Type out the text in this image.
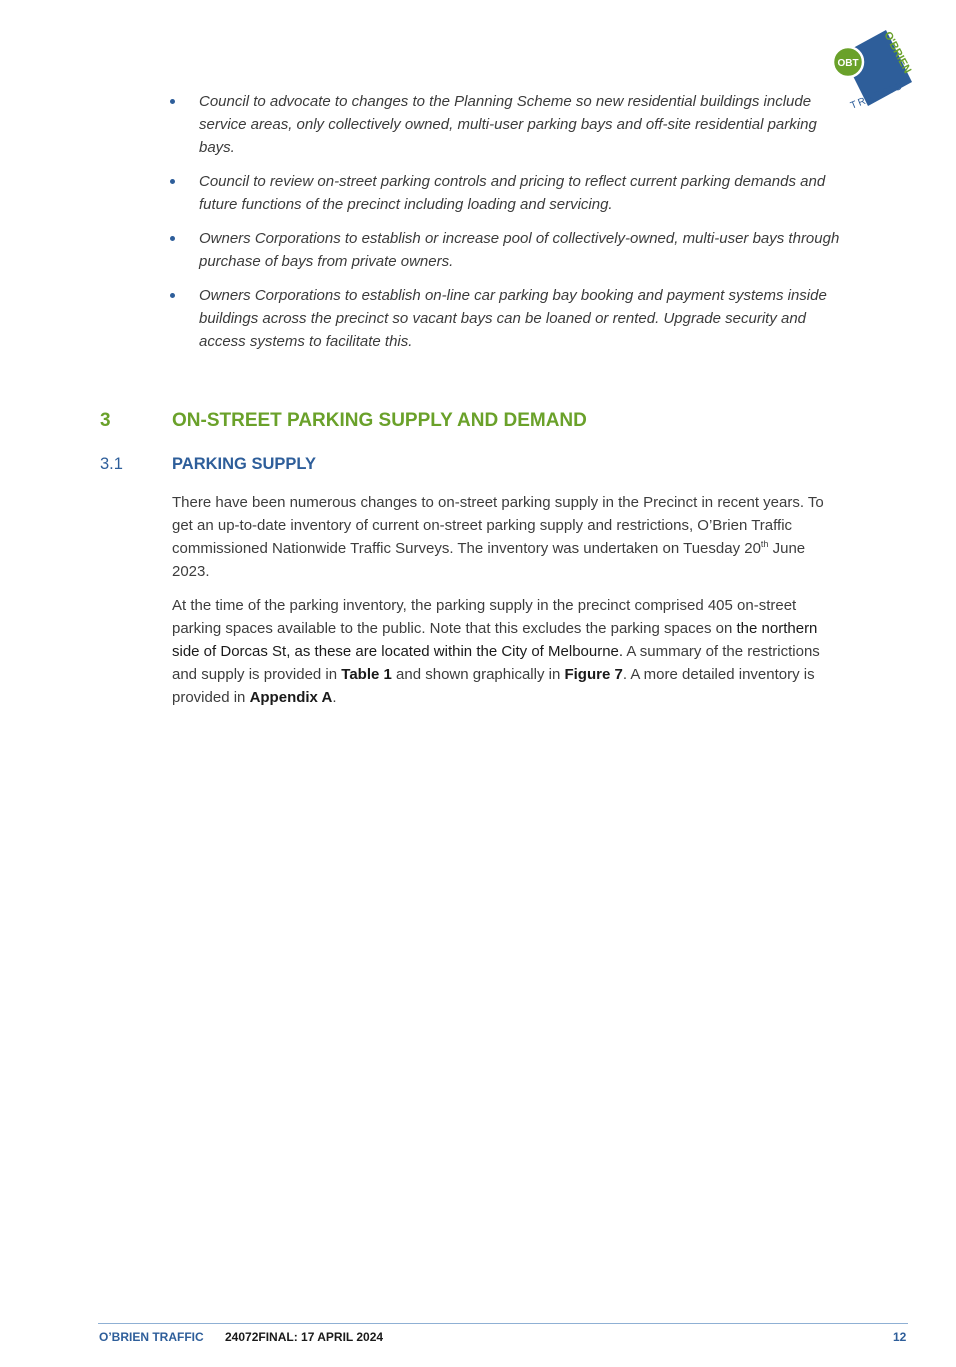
OBT O'BRIEN
TRAFFIC
Council to advocate to changes to the Planning Scheme so new residential buildings include service areas, only collectively owned, multi-user parking bays and off-site residential parking bays.
Council to review on-street parking controls and pricing to reflect current parking demands and future functions of the precinct including loading and servicing.
Owners Corporations to establish or increase pool of collectively-owned, multi-user bays through purchase of bays from private owners.
Owners Corporations to establish on-line car parking bay booking and payment systems inside buildings across the precinct so vacant bays can be loaned or rented. Upgrade security and access systems to facilitate this.
3	ON-STREET PARKING SUPPLY AND DEMAND
3.1	PARKING SUPPLY

There have been numerous changes to on-street parking supply in the Precinct in recent years. To get an up-to-date inventory of current on-street parking supply and restrictions, O’Brien Traffic commissioned Nationwide Traffic Surveys. The inventory was undertaken on Tuesday 20th June 2023.

At the time of the parking inventory, the parking supply in the precinct comprised 405 on-street parking spaces available to the public. Note that this excludes the parking spaces on the northern side of Dorcas St, as these are located within the City of Melbourne. A summary of the restrictions and supply is provided in Table 1 and shown graphically in Figure 7. A more detailed inventory is provided in Appendix A.

O’BRIEN TRAFFIC 24072FINAL: 17 APRIL 2024	12
